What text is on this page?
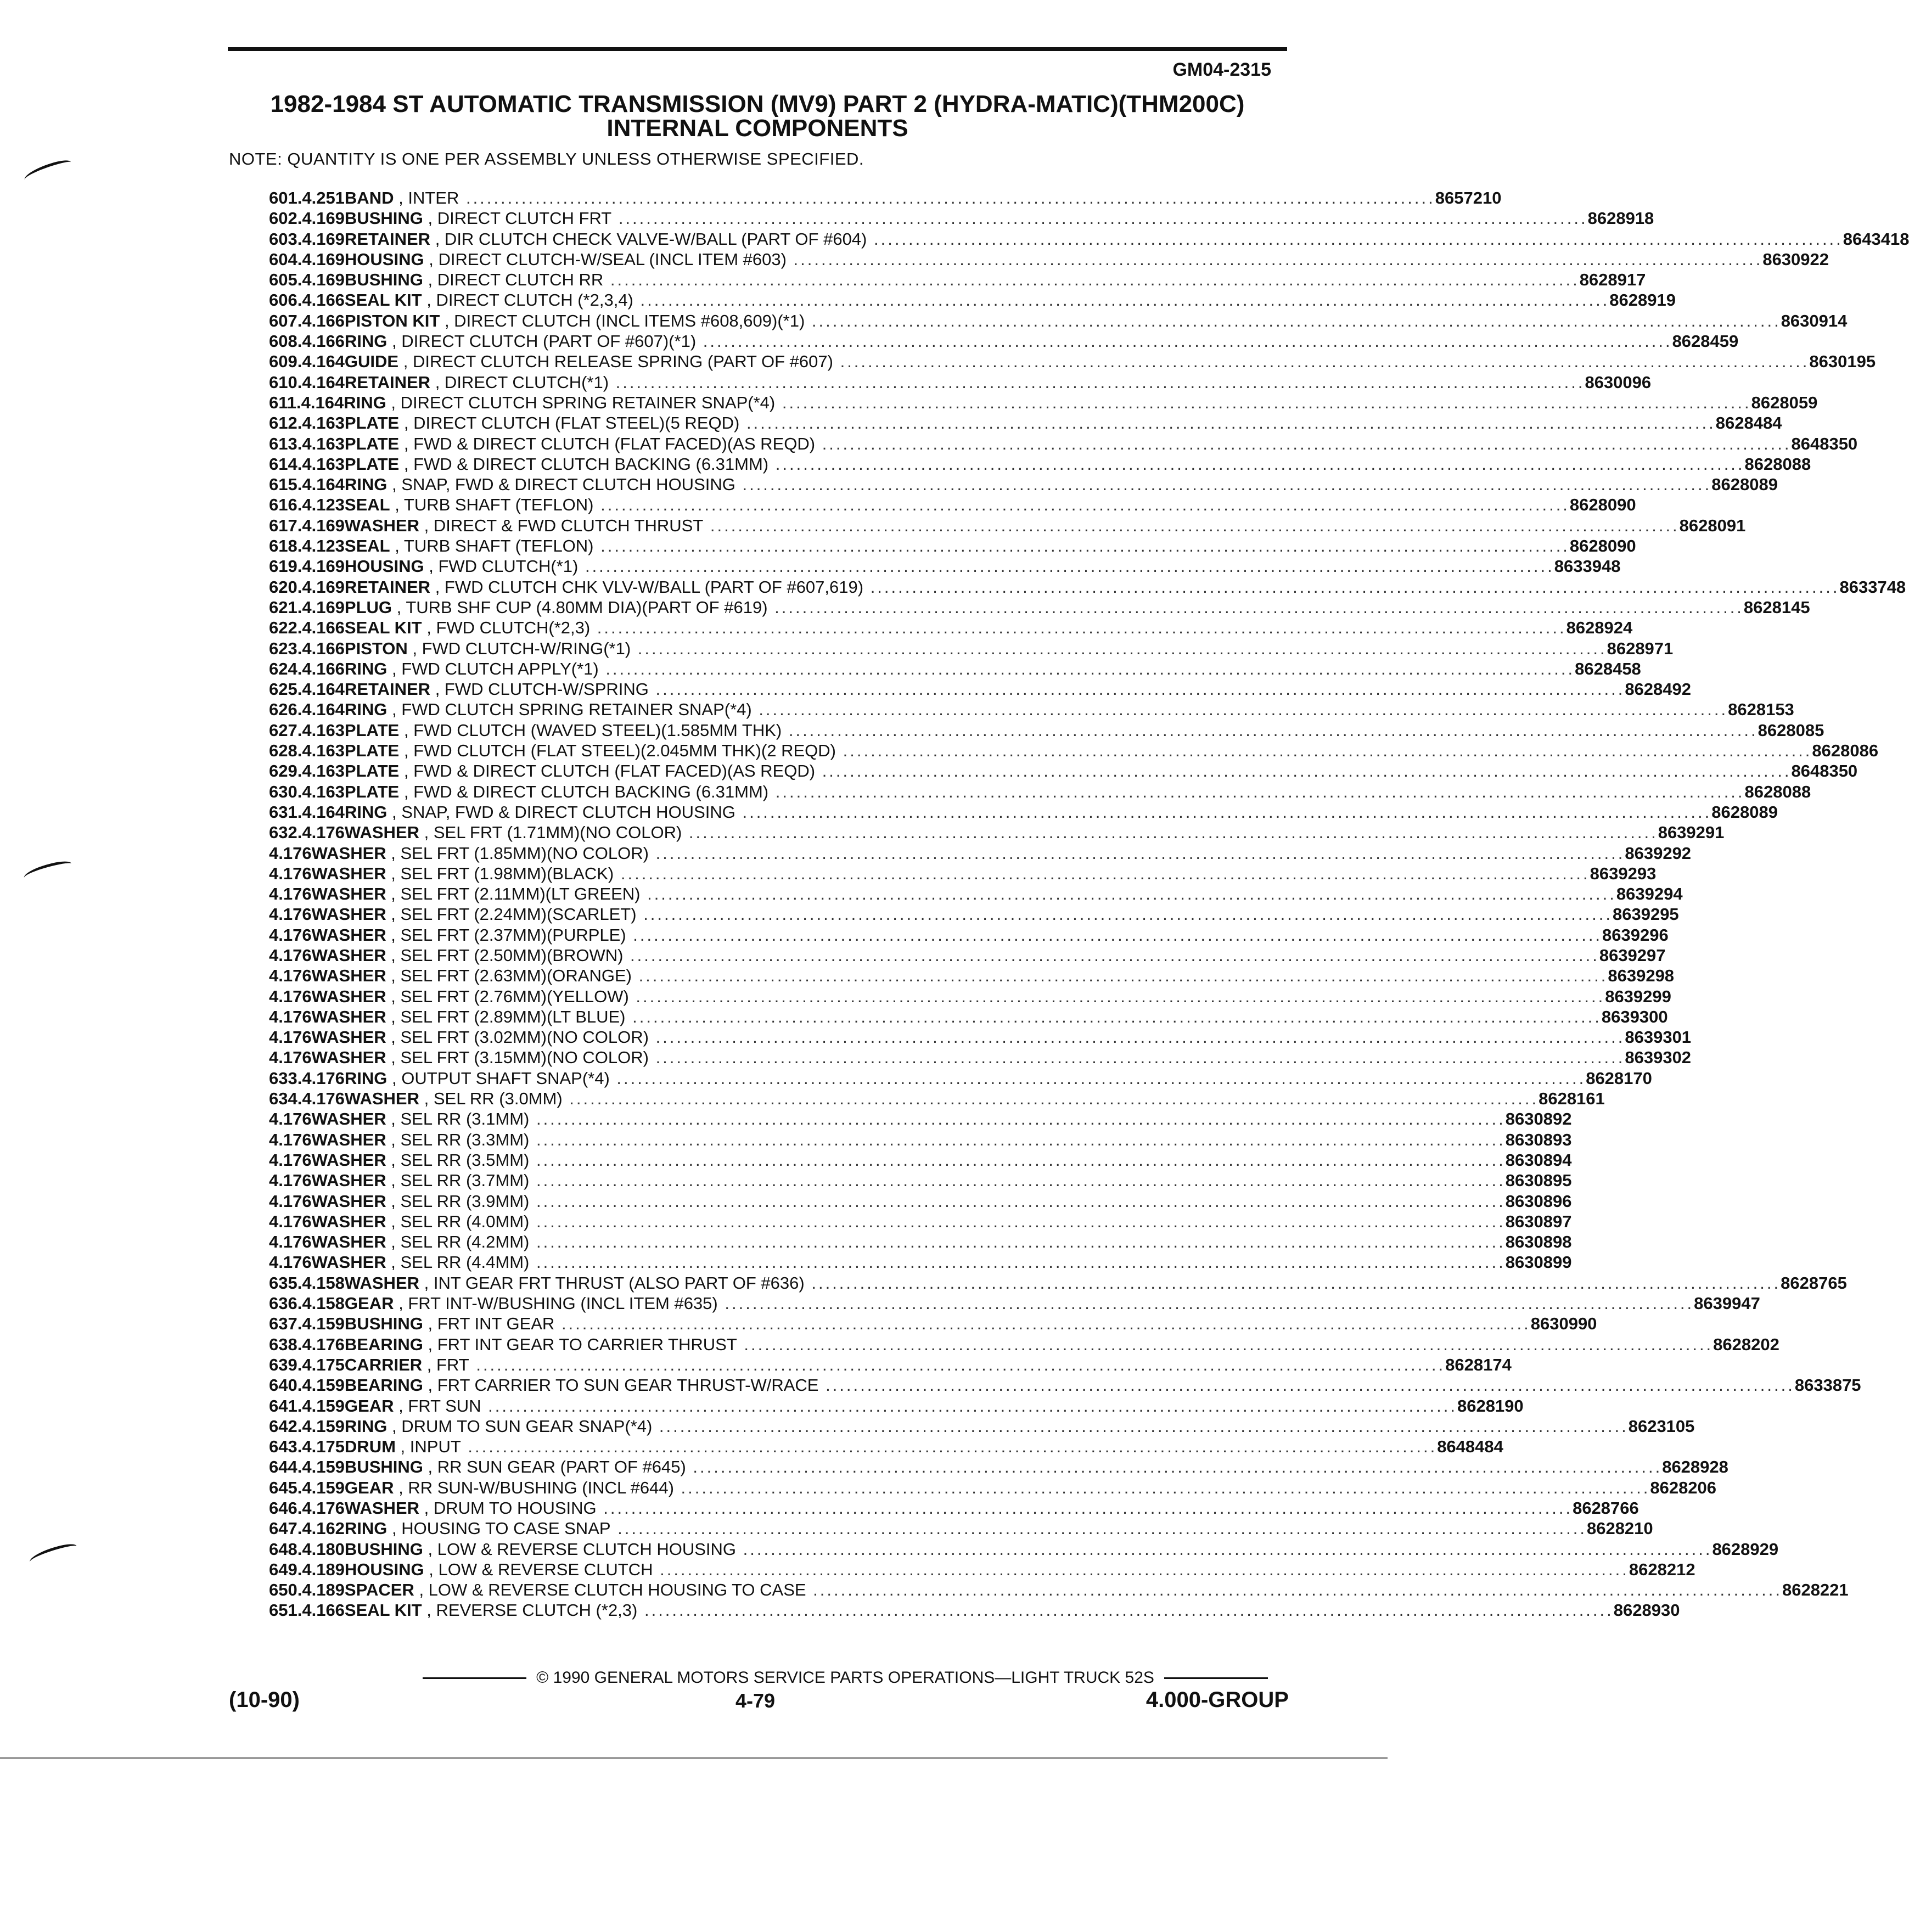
GM04-2315
1982-1984 ST AUTOMATIC TRANSMISSION (MV9) PART 2 (HYDRA-MATIC)(THM200C)
INTERNAL COMPONENTS
NOTE: QUANTITY IS ONE PER ASSEMBLY UNLESS OTHERWISE SPECIFIED.
601. 4.251 BAND , INTER ............................................................................................................................................ 8657210
602. 4.169 BUSHING , DIRECT CLUTCH FRT ............................................................................................................................................ 8628918
603. 4.169 RETAINER , DIR CLUTCH CHECK VALVE-W/BALL (PART OF #604) ............................................................................................................................................ 8643418
604. 4.169 HOUSING , DIRECT CLUTCH-W/SEAL (INCL ITEM #603) ............................................................................................................................................ 8630922
605. 4.169 BUSHING , DIRECT CLUTCH RR ............................................................................................................................................ 8628917
606. 4.166 SEAL KIT , DIRECT CLUTCH (*2,3,4) ............................................................................................................................................ 8628919
607. 4.166 PISTON KIT , DIRECT CLUTCH (INCL ITEMS #608,609)(*1) ............................................................................................................................................ 8630914
608. 4.166 RING , DIRECT CLUTCH (PART OF #607)(*1) ............................................................................................................................................ 8628459
609. 4.164 GUIDE , DIRECT CLUTCH RELEASE SPRING (PART OF #607) ............................................................................................................................................ 8630195
610. 4.164 RETAINER , DIRECT CLUTCH(*1) ............................................................................................................................................ 8630096
611. 4.164 RING , DIRECT CLUTCH SPRING RETAINER SNAP(*4) ............................................................................................................................................ 8628059
612. 4.163 PLATE , DIRECT CLUTCH (FLAT STEEL)(5 REQD) ............................................................................................................................................ 8628484
613. 4.163 PLATE , FWD & DIRECT CLUTCH (FLAT FACED)(AS REQD) ............................................................................................................................................ 8648350
614. 4.163 PLATE , FWD & DIRECT CLUTCH BACKING (6.31MM) ............................................................................................................................................ 8628088
615. 4.164 RING , SNAP, FWD & DIRECT CLUTCH HOUSING ............................................................................................................................................ 8628089
616. 4.123 SEAL , TURB SHAFT (TEFLON) ............................................................................................................................................ 8628090
617. 4.169 WASHER , DIRECT & FWD CLUTCH THRUST ............................................................................................................................................ 8628091
618. 4.123 SEAL , TURB SHAFT (TEFLON) ............................................................................................................................................ 8628090
619. 4.169 HOUSING , FWD CLUTCH(*1) ............................................................................................................................................ 8633948
620. 4.169 RETAINER , FWD CLUTCH CHK VLV-W/BALL (PART OF #607,619) ............................................................................................................................................ 8633748
621. 4.169 PLUG , TURB SHF CUP (4.80MM DIA)(PART OF #619) ............................................................................................................................................ 8628145
622. 4.166 SEAL KIT , FWD CLUTCH(*2,3) ............................................................................................................................................ 8628924
623. 4.166 PISTON , FWD CLUTCH-W/RING(*1) ............................................................................................................................................ 8628971
624. 4.166 RING , FWD CLUTCH APPLY(*1) ............................................................................................................................................ 8628458
625. 4.164 RETAINER , FWD CLUTCH-W/SPRING ............................................................................................................................................ 8628492
626. 4.164 RING , FWD CLUTCH SPRING RETAINER SNAP(*4) ............................................................................................................................................ 8628153
627. 4.163 PLATE , FWD CLUTCH (WAVED STEEL)(1.585MM THK) ............................................................................................................................................ 8628085
628. 4.163 PLATE , FWD CLUTCH (FLAT STEEL)(2.045MM THK)(2 REQD) ............................................................................................................................................ 8628086
629. 4.163 PLATE , FWD & DIRECT CLUTCH (FLAT FACED)(AS REQD) ............................................................................................................................................ 8648350
630. 4.163 PLATE , FWD & DIRECT CLUTCH BACKING (6.31MM) ............................................................................................................................................ 8628088
631. 4.164 RING , SNAP, FWD & DIRECT CLUTCH HOUSING ............................................................................................................................................ 8628089
632. 4.176 WASHER , SEL FRT (1.71MM)(NO COLOR) ............................................................................................................................................ 8639291
4.176 WASHER , SEL FRT (1.85MM)(NO COLOR) ............................................................................................................................................ 8639292
4.176 WASHER , SEL FRT (1.98MM)(BLACK) ............................................................................................................................................ 8639293
4.176 WASHER , SEL FRT (2.11MM)(LT GREEN) ............................................................................................................................................ 8639294
4.176 WASHER , SEL FRT (2.24MM)(SCARLET) ............................................................................................................................................ 8639295
4.176 WASHER , SEL FRT (2.37MM)(PURPLE) ............................................................................................................................................ 8639296
4.176 WASHER , SEL FRT (2.50MM)(BROWN) ............................................................................................................................................ 8639297
4.176 WASHER , SEL FRT (2.63MM)(ORANGE) ............................................................................................................................................ 8639298
4.176 WASHER , SEL FRT (2.76MM)(YELLOW) ............................................................................................................................................ 8639299
4.176 WASHER , SEL FRT (2.89MM)(LT BLUE) ............................................................................................................................................ 8639300
4.176 WASHER , SEL FRT (3.02MM)(NO COLOR) ............................................................................................................................................ 8639301
4.176 WASHER , SEL FRT (3.15MM)(NO COLOR) ............................................................................................................................................ 8639302
633. 4.176 RING , OUTPUT SHAFT SNAP(*4) ............................................................................................................................................ 8628170
634. 4.176 WASHER , SEL RR (3.0MM) ............................................................................................................................................ 8628161
4.176 WASHER , SEL RR (3.1MM) ............................................................................................................................................ 8630892
4.176 WASHER , SEL RR (3.3MM) ............................................................................................................................................ 8630893
4.176 WASHER , SEL RR (3.5MM) ............................................................................................................................................ 8630894
4.176 WASHER , SEL RR (3.7MM) ............................................................................................................................................ 8630895
4.176 WASHER , SEL RR (3.9MM) ............................................................................................................................................ 8630896
4.176 WASHER , SEL RR (4.0MM) ............................................................................................................................................ 8630897
4.176 WASHER , SEL RR (4.2MM) ............................................................................................................................................ 8630898
4.176 WASHER , SEL RR (4.4MM) ............................................................................................................................................ 8630899
635. 4.158 WASHER , INT GEAR FRT THRUST (ALSO PART OF #636) ............................................................................................................................................ 8628765
636. 4.158 GEAR , FRT INT-W/BUSHING (INCL ITEM #635) ............................................................................................................................................ 8639947
637. 4.159 BUSHING , FRT INT GEAR ............................................................................................................................................ 8630990
638. 4.176 BEARING , FRT INT GEAR TO CARRIER THRUST ............................................................................................................................................ 8628202
639. 4.175 CARRIER , FRT ............................................................................................................................................ 8628174
640. 4.159 BEARING , FRT CARRIER TO SUN GEAR THRUST-W/RACE ............................................................................................................................................ 8633875
641. 4.159 GEAR , FRT SUN ............................................................................................................................................ 8628190
642. 4.159 RING , DRUM TO SUN GEAR SNAP(*4) ............................................................................................................................................ 8623105
643. 4.175 DRUM , INPUT ............................................................................................................................................ 8648484
644. 4.159 BUSHING , RR SUN GEAR (PART OF #645) ............................................................................................................................................ 8628928
645. 4.159 GEAR , RR SUN-W/BUSHING (INCL #644) ............................................................................................................................................ 8628206
646. 4.176 WASHER , DRUM TO HOUSING ............................................................................................................................................ 8628766
647. 4.162 RING , HOUSING TO CASE SNAP ............................................................................................................................................ 8628210
648. 4.180 BUSHING , LOW & REVERSE CLUTCH HOUSING ............................................................................................................................................ 8628929
649. 4.189 HOUSING , LOW & REVERSE CLUTCH ............................................................................................................................................ 8628212
650. 4.189 SPACER , LOW & REVERSE CLUTCH HOUSING TO CASE ............................................................................................................................................ 8628221
651. 4.166 SEAL KIT , REVERSE CLUTCH (*2,3) ............................................................................................................................................ 8628930
© 1990 GENERAL MOTORS SERVICE PARTS OPERATIONS—LIGHT TRUCK 52S
(10-90)	4-79	4.000-GROUP
